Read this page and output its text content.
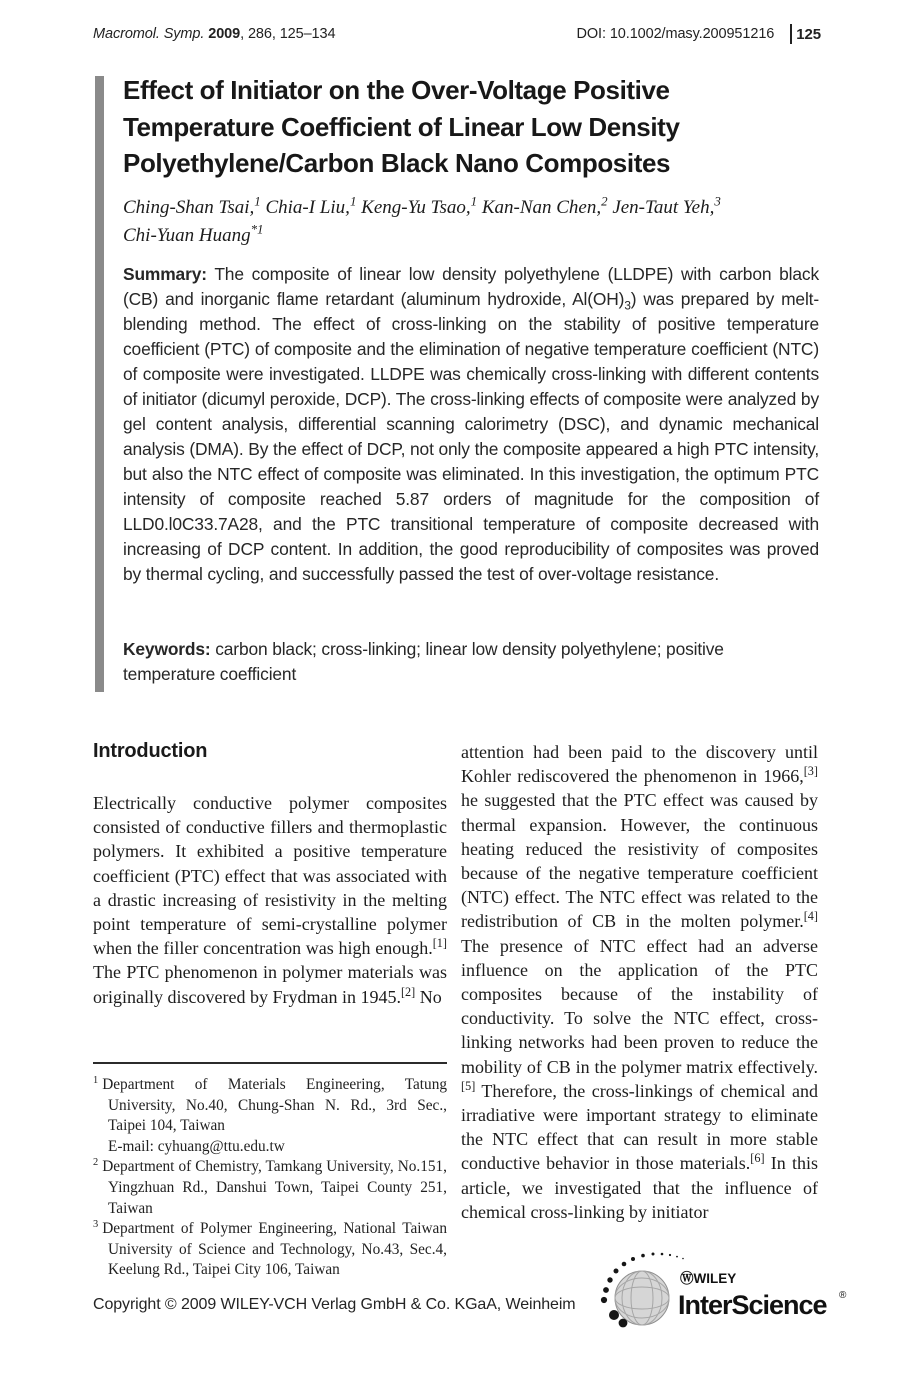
Macromol. Symp. 2009, 286, 125–134	DOI: 10.1002/masy.200951216 125
Effect of Initiator on the Over-Voltage Positive
Temperature Coefficient of Linear Low Density
Polyethylene/Carbon Black Nano Composites
Ching-Shan Tsai,$^1$ Chia-I Liu,$^1$ Keng-Yu Tsao,$^1$ Kan-Nan Chen,$^2$ Jen-Taut Yeh,$^3$
Chi-Yuan Huang$^{*1}$
Summary: The composite of linear low density polyethylene (LLDPE) with carbon black (CB) and inorganic flame retardant (aluminum hydroxide, $Al(OH)_3$) was prepared by melt-blending method. The effect of cross-linking on the stability of positive temperature coefficient (PTC) of composite and the elimination of negative temperature coefficient (NTC) of composite were investigated. LLDPE was chemically cross-linking with different contents of initiator (dicumyl peroxide, DCP). The cross-linking effects of composite were analyzed by gel content analysis, differential scanning calorimetry (DSC), and dynamic mechanical analysis (DMA). By the effect of DCP, not only the composite appeared a high PTC intensity, but also the NTC effect of composite was eliminated. In this investigation, the optimum PTC intensity of composite reached 5.87 orders of magnitude for the composition of LLD0.l0C33.7A28, and the PTC transitional temperature of composite decreased with increasing of DCP content. In addition, the good reproducibility of composites was proved by thermal cycling, and successfully passed the test of over-voltage resistance.
Keywords: carbon black; cross-linking; linear low density polyethylene; positive temperature coefficient
Introduction

Electrically conductive polymer composites consisted of conductive fillers and thermoplastic polymers. It exhibited a positive temperature coefficient (PTC) effect that was associated with a drastic increasing of resistivity in the melting point temperature of semi-crystalline polymer when the filler concentration was high enough.[1] The PTC phenomenon in polymer materials was originally discovered by Frydman in 1945.[2] No

attention had been paid to the discovery until Kohler rediscovered the phenomenon in 1966,[3] he suggested that the PTC effect was caused by thermal expansion. However, the continuous heating reduced the resistivity of composites because of the negative temperature coefficient (NTC) effect. The NTC effect was related to the redistribution of CB in the molten polymer.[4] The presence of NTC effect had an adverse influence on the application of the PTC composites because of the instability of conductivity. To solve the NTC effect, cross-linking networks had been proven to reduce the mobility of CB in the polymer matrix effectively.[5] Therefore, the cross-linkings of chemical and irradiative were important strategy to eliminate the NTC effect that can result in more stable conductive behavior in those materials.[6] In this article, we investigated that the influence of chemical cross-linking by initiator

$^1$ Department of Materials Engineering, Tatung University, No.40, Chung-Shan N. Rd., 3rd Sec., Taipei 104, Taiwan
E-mail: cyhuang@ttu.edu.tw
$^2$ Department of Chemistry, Tamkang University, No.151, Yingzhuan Rd., Danshui Town, Taipei County 251, Taiwan
$^3$ Department of Polymer Engineering, National Taiwan University of Science and Technology, No.43, Sec.4, Keelung Rd., Taipei City 106, Taiwan
Copyright © 2009 WILEY-VCH Verlag GmbH & Co. KGaA, Weinheim
ⓌWILEY
InterScience ®
